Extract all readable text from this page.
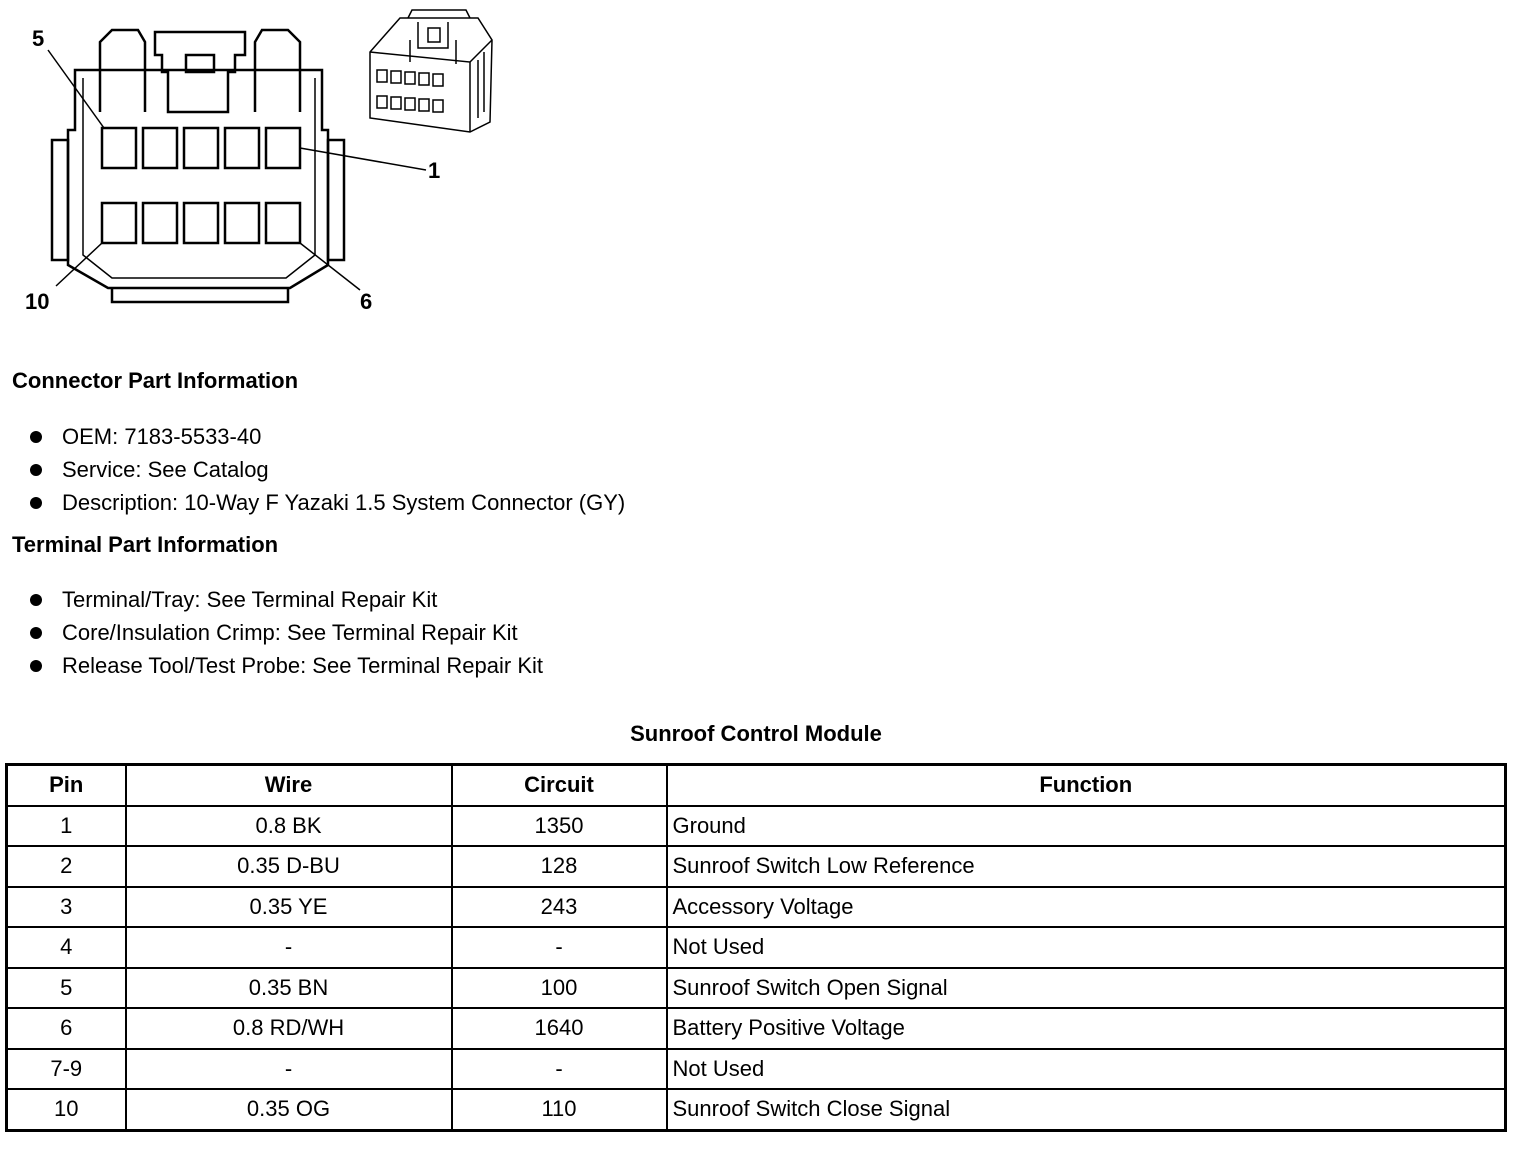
5
1
10	6
Connector Part Information
OEM: 7183-5533-40
Service: See Catalog
Description: 10-Way F Yazaki 1.5 System Connector (GY)
Terminal Part Information
Terminal/Tray: See Terminal Repair Kit
Core/Insulation Crimp: See Terminal Repair Kit
Release Tool/Test Probe: See Terminal Repair Kit
Sunroof Control Module
Pin	Wire	Circuit	Function
1	0.8 BK	1350	Ground
2	0.35 D-BU	128	Sunroof Switch Low Reference
3	0.35 YE	243	Accessory Voltage
4	-	-	Not Used
5	0.35 BN	100	Sunroof Switch Open Signal
6	0.8 RD/WH	1640	Battery Positive Voltage
7-9	-	-	Not Used
10	0.35 OG	110	Sunroof Switch Close Signal
